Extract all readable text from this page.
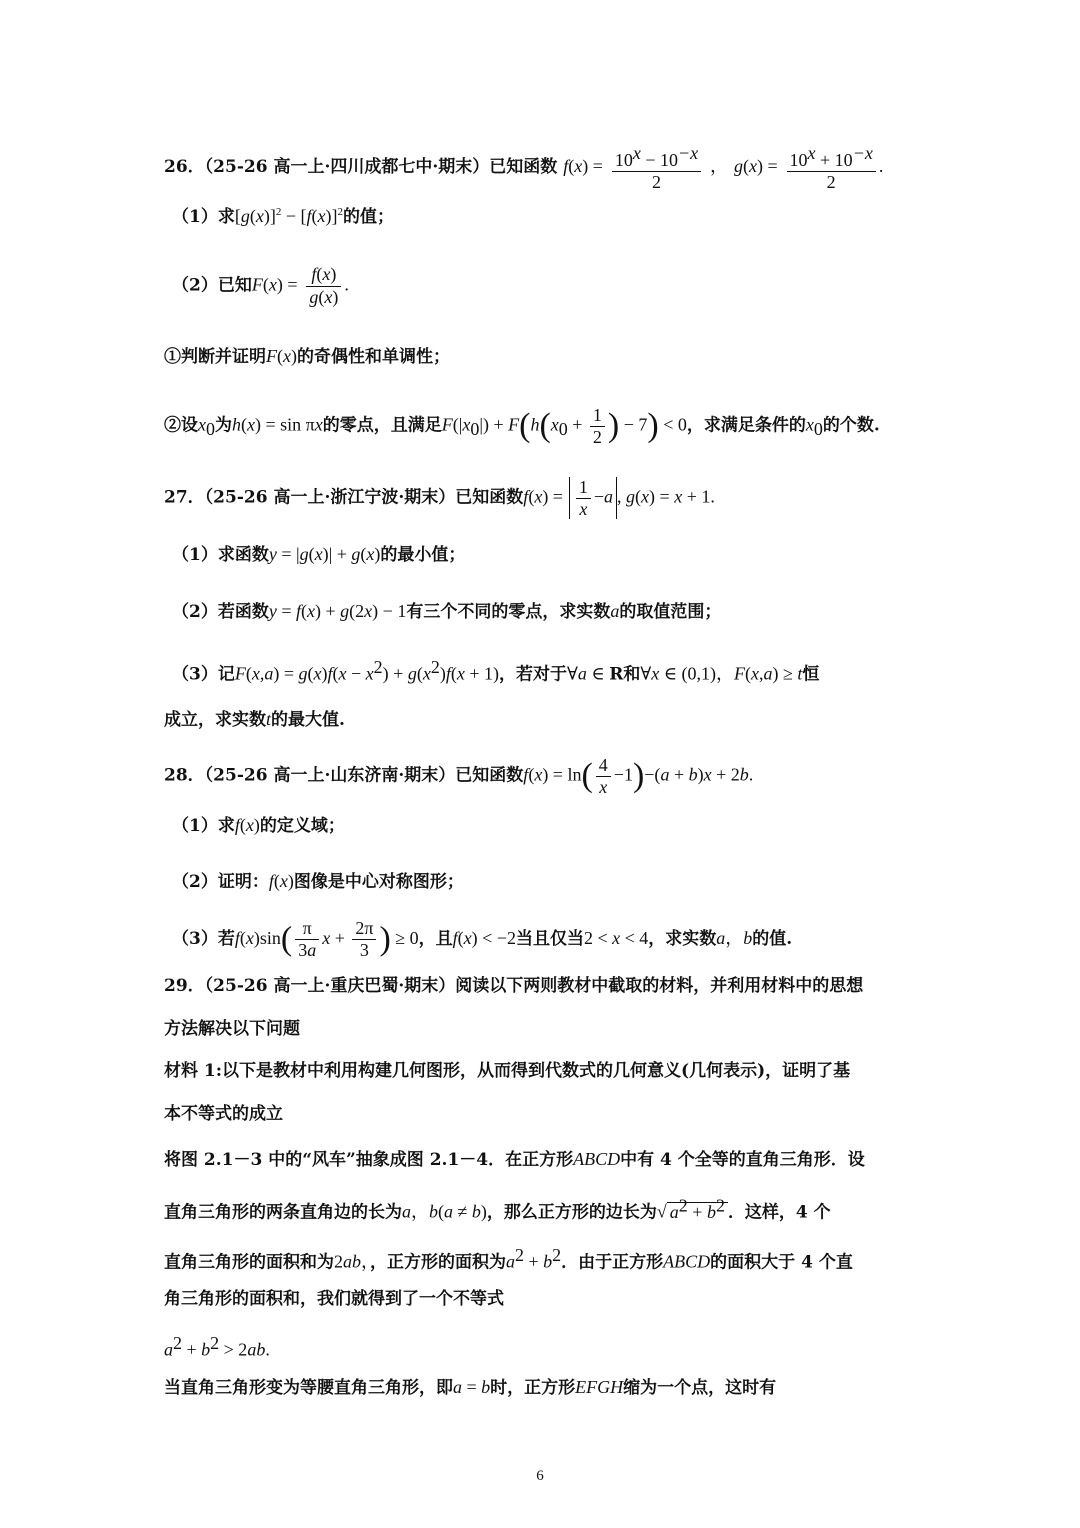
26．（25-26 高一上·四川成都七中·期末）已知函数 $f(x) = \frac{10^x - 10^{-x}}{2}$ ， $g(x) = \frac{10^x + 10^{-x}}{2}$ .
（1）求$[g(x)]^2 - [f(x)]^2$的值；
（2）已知$F(x) = \frac{f(x)}{g(x)}$ .
①判断并证明F(x)的奇偶性和单调性；
②设$x_0$为h(x) = sin πx的零点，且满足$F(|x_0|) + F(h(x_0 + \frac{1}{2}$ ) − 7) < 0，求满足条件的$x_0$的个数.
27．（25-26 高一上·浙江宁波·期末）已知函数$f(x) = \frac{1}{x} -a$ , g(x) = x + 1.
（1）求函数y = |g(x)| + g(x)的最小值；
（2）若函数y = f(x) + g(2x) − 1有三个不同的零点，求实数a的取值范围；
（3）记$F(x,a) = g(x)f(x - x^2) + g(x^2)f(x + 1)$，若对于∀a ∈ R和∀x ∈ (0,1)，F(x,a) ≥ t恒
成立，求实数t的最大值.
28．（25-26 高一上·山东济南·期末）已知函数$f(x) = \ln( \frac{4}{x} -1)-(a + b)x + 2b$.
（1）求f(x)的定义域；
（2）证明：f(x)图像是中心对称图形；
（3）若$f(x)\sin( \frac{\pi}{3a}$ $x + \frac{2\pi}{3}$ ) ≥ 0，且f(x) < −2当且仅当2 < x < 4，求实数a，b的值.
29．（25-26 高一上·重庆巴蜀·期末）阅读以下两则教材中截取的材料，并利用材料中的思想
方法解决以下问题
材料 1:以下是教材中利用构建几何图形，从而得到代数式的几何意义(几何表示)，证明了基
本不等式的成立
将图 2.1－3 中的“风车”抽象成图 2.1－4．在正方形ABCD中有 4 个全等的直角三角形．设
直角三角形的两条直角边的长为a，b(a ≠ b)，那么正方形的边长为√ $a^2 + b^2$ ．这样，4 个
直角三角形的面积和为2ab，，正方形的面积为$a^2 + b^2$．由于正方形ABCD的面积大于 4 个直
角三角形的面积和，我们就得到了一个不等式
$a^2 + b^2 > 2ab$.
当直角三角形变为等腰直角三角形，即a = b时，正方形EFGH缩为一个点，这时有
6
